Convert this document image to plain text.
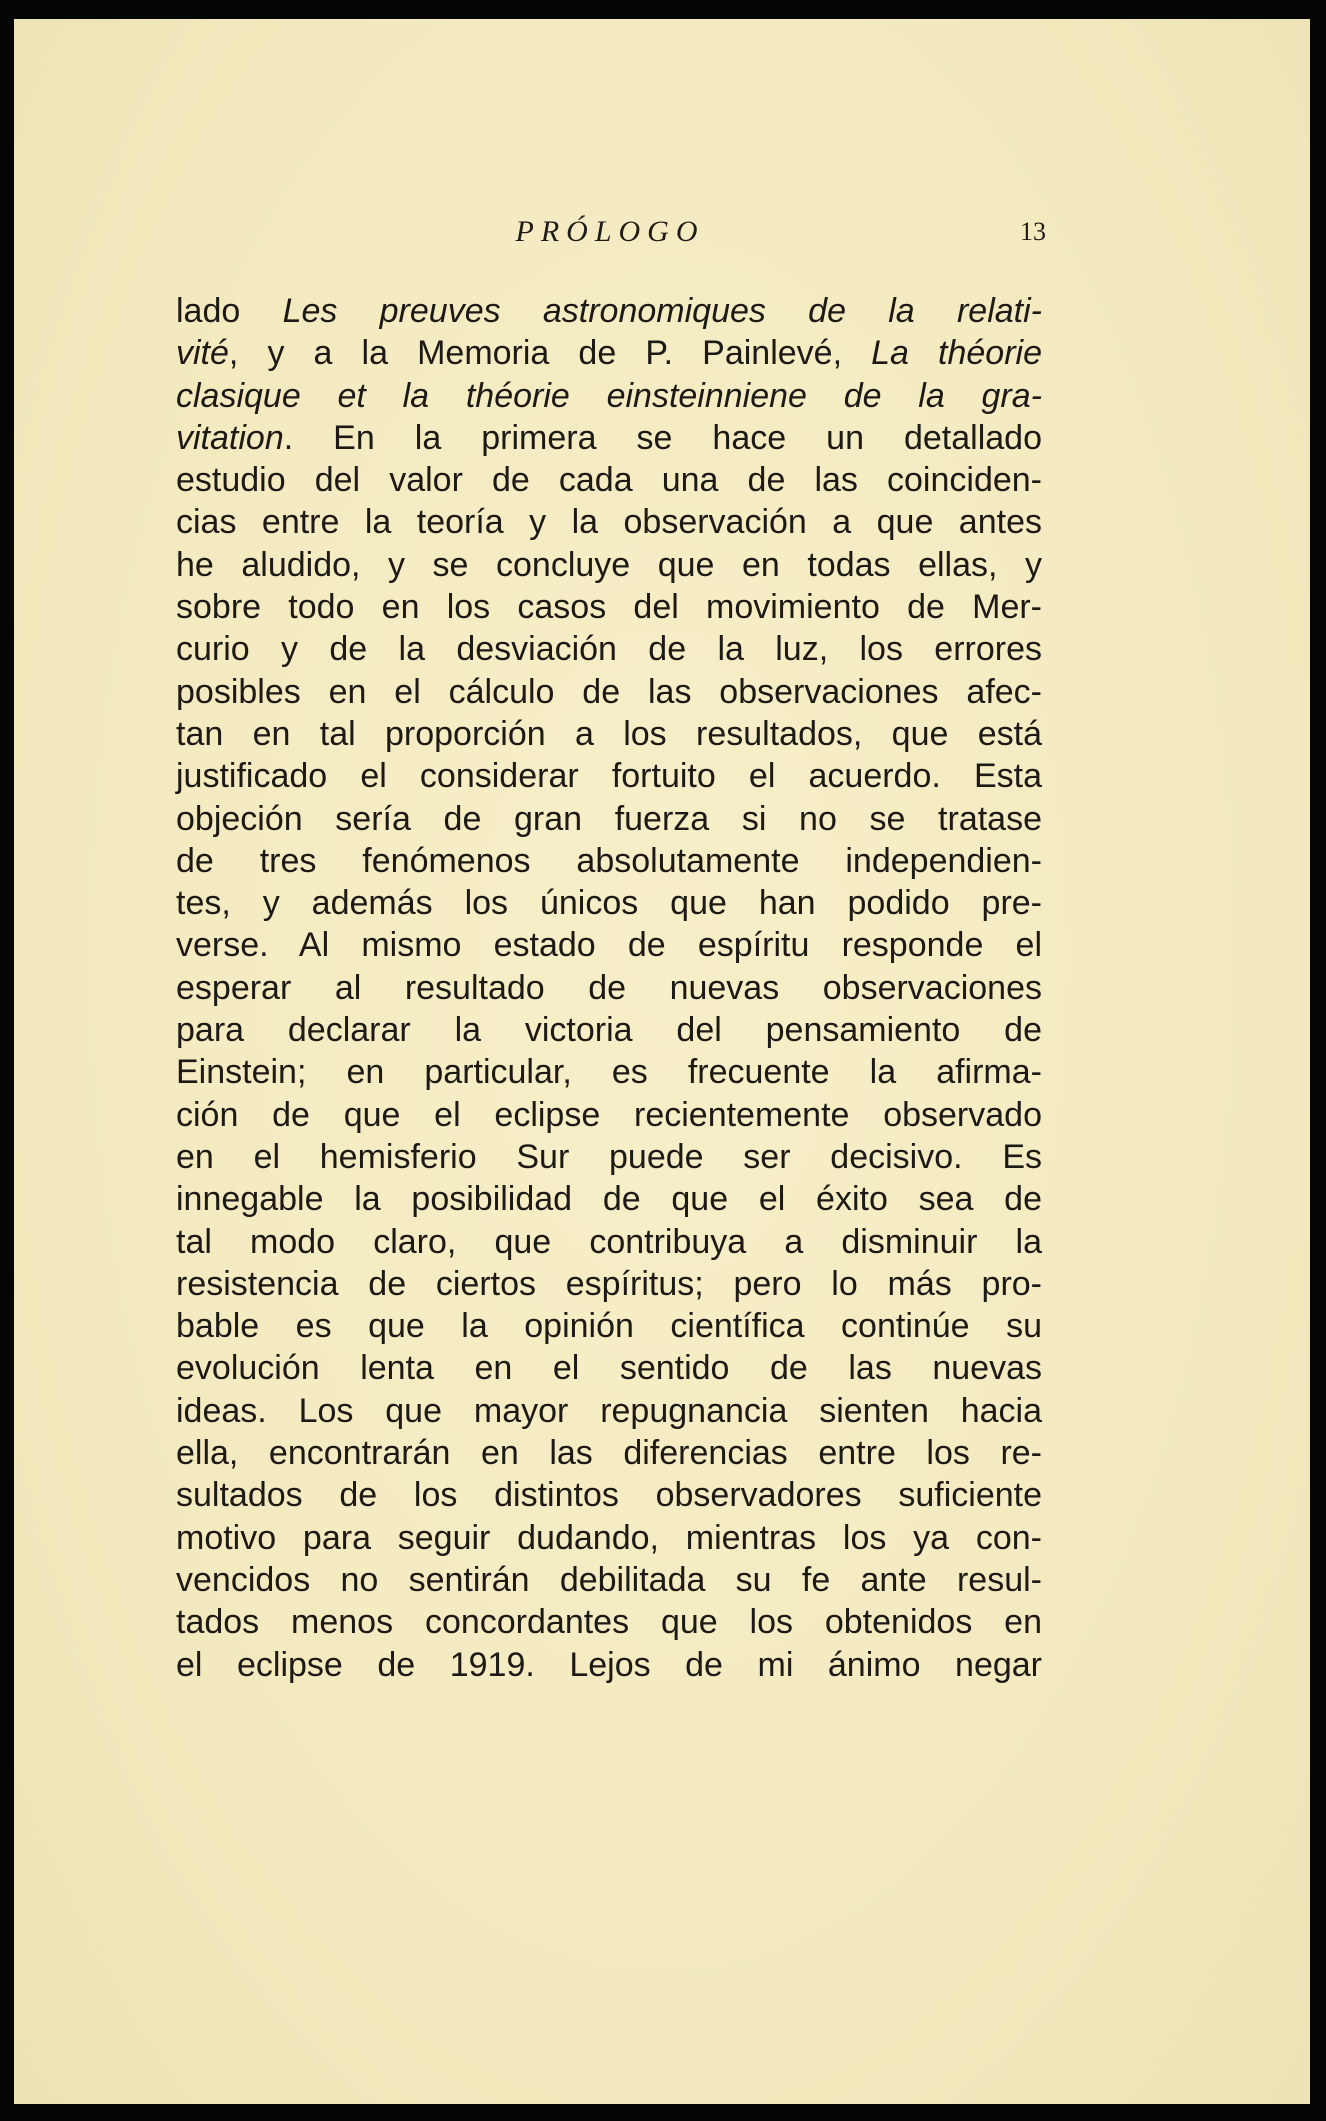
PRÓLOGO	13
lado Les preuves astronomiques de la relati-
vité, y a la Memoria de P. Painlevé, La théorie
clasique et la théorie einsteinniene de la gra-
vitation. En la primera se hace un detallado
estudio del valor de cada una de las coinciden-
cias entre la teoría y la observación a que antes
he aludido, y se concluye que en todas ellas, y
sobre todo en los casos del movimiento de Mer-
curio y de la desviación de la luz, los errores
posibles en el cálculo de las observaciones afec-
tan en tal proporción a los resultados, que está
justificado el considerar fortuito el acuerdo. Esta
objeción sería de gran fuerza si no se tratase
de tres fenómenos absolutamente independien-
tes, y además los únicos que han podido pre-
verse. Al mismo estado de espíritu responde el
esperar al resultado de nuevas observaciones
para declarar la victoria del pensamiento de
Einstein; en particular, es frecuente la afirma-
ción de que el eclipse recientemente observado
en el hemisferio Sur puede ser decisivo. Es
innegable la posibilidad de que el éxito sea de
tal modo claro, que contribuya a disminuir la
resistencia de ciertos espíritus; pero lo más pro-
bable es que la opinión científica continúe su
evolución lenta en el sentido de las nuevas
ideas. Los que mayor repugnancia sienten hacia
ella, encontrarán en las diferencias entre los re-
sultados de los distintos observadores suficiente
motivo para seguir dudando, mientras los ya con-
vencidos no sentirán debilitada su fe ante resul-
tados menos concordantes que los obtenidos en
el eclipse de 1919. Lejos de mi ánimo negar
